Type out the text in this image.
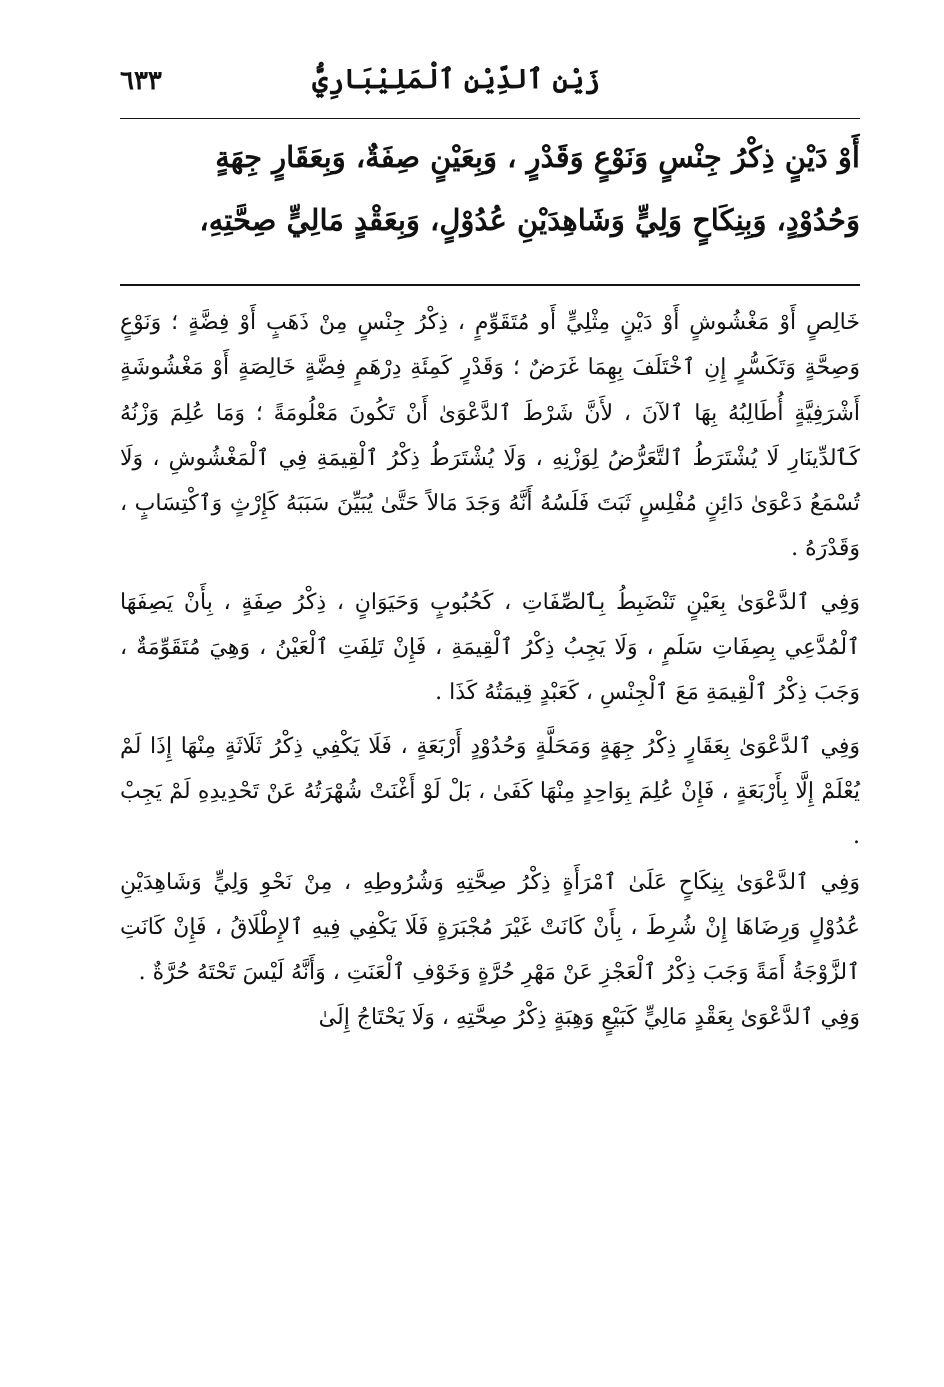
زَيْن ٱلدِّيْنِ ٱلْمَلِيْبَارِيُّ
٦٣٣
أَوْ دَيْنٍ ذِكْرُ جِنْسٍ وَنَوْعٍ وَقَدْرٍ ، وَبِعَيْنٍ صِفَةٌ، وَبِعَقَارٍ جِهَةٍ
وَحُدُوْدٍ، وَبِنِكَاحٍ وَلِيٍّ وَشَاهِدَيْنِ عُدُوْلٍ، وَبِعَقْدٍ مَالِيٍّ صِحَّتِهِ،

خَالِصٍ أَوْ مَغْشُوشٍ أَوْ دَيْنٍ مِثْلِيٍّ أَو مُتَقَوِّمٍ ، ذِكْرُ جِنْسٍ مِنْ ذَهَبٍ أَوْ فِضَّةٍ ؛ وَنَوْعٍ وَصِحَّةٍ وَتَكَسُّرٍ إِنِ ٱخْتَلَفَ بِهِمَا غَرَضٌ ؛ وَقَدْرٍ كَمِئَةِ دِرْهَمٍ فِضَّةٍ خَالِصَةٍ أَوْ مَغْشُوشَةٍ أَشْرَفِيَّةٍ أُطَالِبُهُ بِهَا ٱلآنَ ، لأَنَّ شَرْطَ ٱلدَّعْوَىٰ أَنْ تَكُونَ مَعْلُومَةً ؛ وَمَا عُلِمَ وَزْنُهُ كَٱلدِّينَارِ لَا يُشْتَرَطُ ٱلتَّعَرُّضُ لِوَزْنِهِ ، وَلَا يُشْتَرَطُ ذِكْرُ ٱلْقِيمَةِ فِي ٱلْمَغْشُوشِ ، وَلَا تُسْمَعُ دَعْوَىٰ دَائِنٍ مُفْلِسٍ ثَبَتَ فَلَسُهُ أَنَّهُ وَجَدَ مَالاً حَتَّىٰ يُبَيِّنَ سَبَبَهُ كَإِرْثٍ وَٱكْتِسَابٍ ، وَقَدْرَهُ .

وَفِي ٱلدَّعْوَىٰ بِعَيْنٍ تَنْضَبِطُ بِٱلصِّفَاتِ ، كَحُبُوبٍ وَحَيَوَانٍ ، ذِكْرُ صِفَةٍ ، بِأَنْ يَصِفَهَا ٱلْمُدَّعِي بِصِفَاتِ سَلَمٍ ، وَلَا يَجِبُ ذِكْرُ ٱلْقِيمَةِ ، فَإِنْ تَلِفَتِ ٱلْعَيْنُ ، وَهِيَ مُتَقَوِّمَةٌ ، وَجَبَ ذِكْرُ ٱلْقِيمَةِ مَعَ ٱلْجِنْسِ ، كَعَبْدٍ قِيمَتُهُ كَذَا .

وَفِي ٱلدَّعْوَىٰ بِعَقَارٍ ذِكْرُ جِهَةٍ وَمَحَلَّةٍ وَحُدُوْدٍ أَرْبَعَةٍ ، فَلَا يَكْفِي ذِكْرُ ثَلَاثَةٍ مِنْهَا إِذَا لَمْ يُعْلَمْ إِلَّا بِأَرْبَعَةٍ ، فَإِنْ عُلِمَ بِوَاحِدٍ مِنْهَا كَفَىٰ ، بَلْ لَوْ أَغْنَتْ شُهْرَتُهُ عَنْ تَحْدِيدِهِ لَمْ يَجِبْ .

وَفِي ٱلدَّعْوَىٰ بِنِكَاحٍ عَلَىٰ ٱمْرَأَةٍ ذِكْرُ صِحَّتِهِ وَشُرُوطِهِ ، مِنْ نَحْوِ وَلِيٍّ وَشَاهِدَيْنِ عُدُوْلٍ وَرِضَاهَا إِنْ شُرِطَ ، بِأَنْ كَانَتْ غَيْرَ مُجْبَرَةٍ فَلَا يَكْفِي فِيهِ ٱلإِطْلَاقُ ، فَإِنْ كَانَتِ ٱلزَّوْجَةُ أَمَةً وَجَبَ ذِكْرُ ٱلْعَجْزِ عَنْ مَهْرِ حُرَّةٍ وَخَوْفِ ٱلْعَنَتِ ، وَأَنَّهُ لَيْسَ تَحْتَهُ حُرَّةٌ .

وَفِي ٱلدَّعْوَىٰ بِعَقْدٍ مَالِيٍّ كَبَيْعٍ وَهِبَةٍ ذِكْرُ صِحَّتِهِ ، وَلَا يَحْتَاجُ إِلَىٰ
